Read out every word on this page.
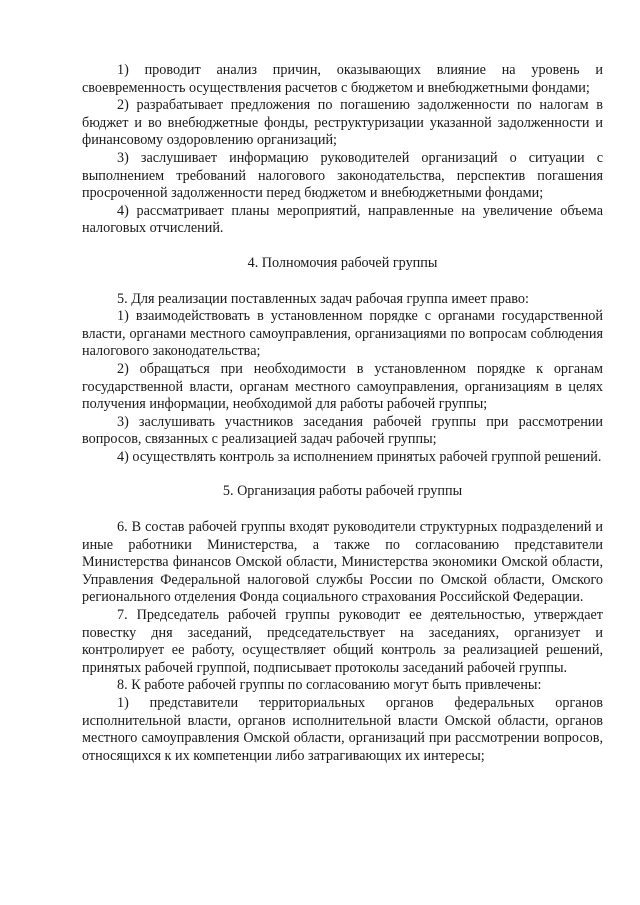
1) проводит анализ причин, оказывающих влияние на уровень и своевременность осуществления расчетов с бюджетом и внебюджетными фондами;

2) разрабатывает предложения по погашению задолженности по налогам в бюджет и во внебюджетные фонды, реструктуризации указанной задолженности и финансовому оздоровлению организаций;

3) заслушивает информацию руководителей организаций о ситуации с выполнением требований налогового законодательства, перспектив погашения просроченной задолженности перед бюджетом и внебюджетными фондами;

4) рассматривает планы мероприятий, направленные на увеличение объема налоговых отчислений.

4. Полномочия рабочей группы

5. Для реализации поставленных задач рабочая группа имеет право:

1) взаимодействовать в установленном порядке с органами государственной власти, органами местного самоуправления, организациями по вопросам соблюдения налогового законодательства;

2) обращаться при необходимости в установленном порядке к органам государственной власти, органам местного самоуправления, организациям в целях получения информации, необходимой для работы рабочей группы;

3) заслушивать участников заседания рабочей группы при рассмотрении вопросов, связанных с реализацией задач рабочей группы;

4) осуществлять контроль за исполнением принятых рабочей группой решений.

5. Организация работы рабочей группы

6. В состав рабочей группы входят руководители структурных подразделений и иные работники Министерства, а также по согласованию представители Министерства финансов Омской области, Министерства экономики Омской области, Управления Федеральной налоговой службы России по Омской области, Омского регионального отделения Фонда социального страхования Российской Федерации.

7. Председатель рабочей группы руководит ее деятельностью, утверждает повестку дня заседаний, председательствует на заседаниях, организует и контролирует ее работу, осуществляет общий контроль за реализацией решений, принятых рабочей группой, подписывает протоколы заседаний рабочей группы.

8. К работе рабочей группы по согласованию могут быть привлечены:

1) представители территориальных органов федеральных органов исполнительной власти, органов исполнительной власти Омской области, органов местного самоуправления Омской области, организаций при рассмотрении вопросов, относящихся к их компетенции либо затрагивающих их интересы;
